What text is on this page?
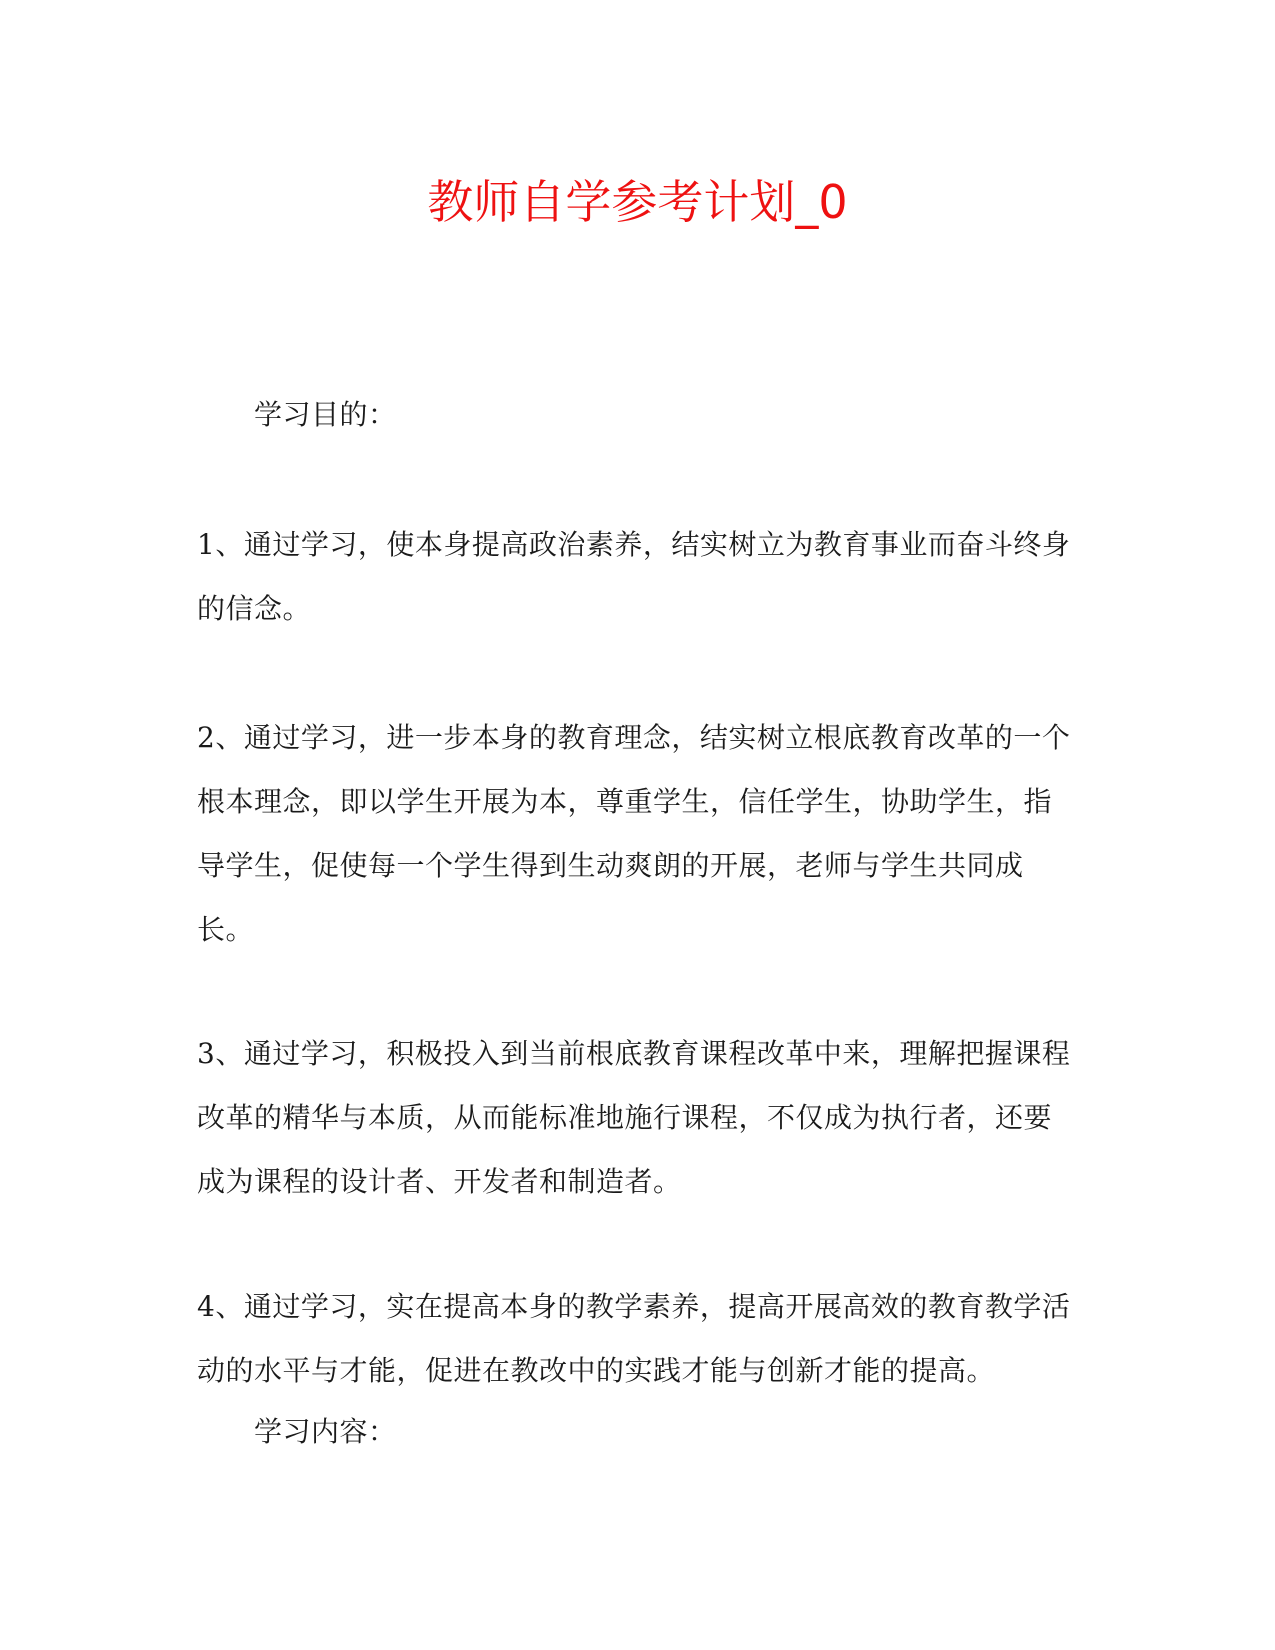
教师自学参考计划_0

学习目的：

1、通过学习，使本身提高政治素养，结实树立为教育事业而奋斗终身的信念。

2、通过学习，进一步本身的教育理念，结实树立根底教育改革的一个根本理念，即以学生开展为本，尊重学生，信任学生，协助学生，指导学生，促使每一个学生得到生动爽朗的开展，老师与学生共同成长。

3、通过学习，积极投入到当前根底教育课程改革中来，理解把握课程改革的精华与本质，从而能标准地施行课程，不仅成为执行者，还要成为课程的设计者、开发者和制造者。

4、通过学习，实在提高本身的教学素养，提高开展高效的教育教学活动的水平与才能，促进在教改中的实践才能与创新才能的提高。

学习内容：
